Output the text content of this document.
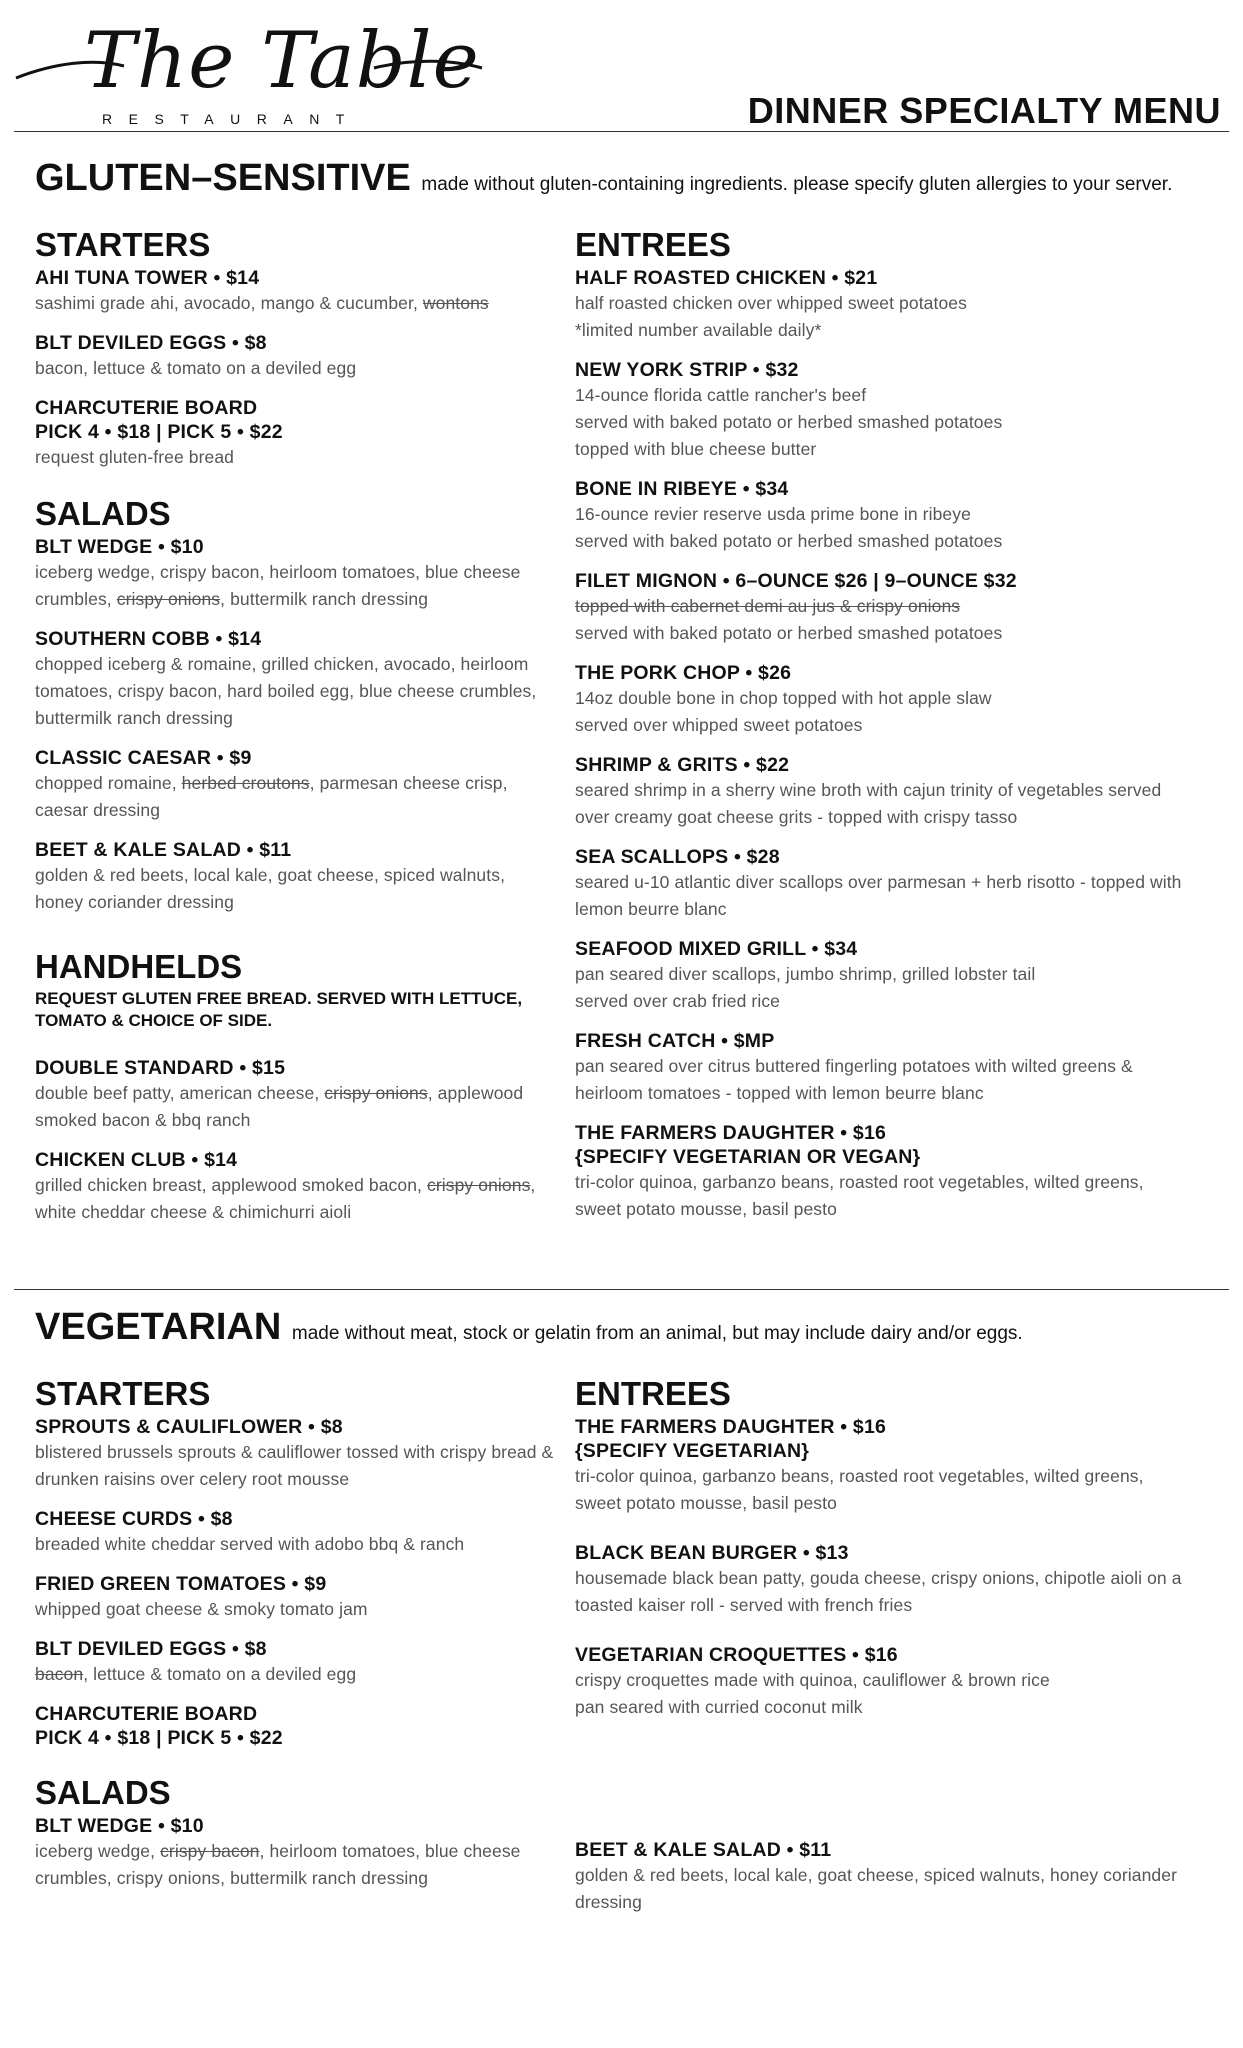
The Table
RESTAURANT	DINNER SPECIALTY MENU
GLUTEN–SENSITIVE made without gluten-containing ingredients. please specify gluten allergies to your server.
STARTERS
AHI TUNA TOWER • $14
sashimi grade ahi, avocado, mango & cucumber, wontons
BLT DEVILED EGGS • $8
bacon, lettuce & tomato on a deviled egg
CHARCUTERIE BOARD
PICK 4 • $18 | PICK 5 • $22
request gluten-free bread
SALADS
BLT WEDGE • $10
iceberg wedge, crispy bacon, heirloom tomatoes, blue cheese crumbles, crispy onions, buttermilk ranch dressing
SOUTHERN COBB • $14
chopped iceberg & romaine, grilled chicken, avocado, heirloom tomatoes, crispy bacon, hard boiled egg, blue cheese crumbles, buttermilk ranch dressing
CLASSIC CAESAR • $9
chopped romaine, herbed croutons, parmesan cheese crisp, caesar dressing
BEET & KALE SALAD • $11
golden & red beets, local kale, goat cheese, spiced walnuts, honey coriander dressing
HANDHELDS
REQUEST GLUTEN FREE BREAD. SERVED WITH LETTUCE, TOMATO & CHOICE OF SIDE.
DOUBLE STANDARD • $15
double beef patty, american cheese, crispy onions, applewood smoked bacon & bbq ranch
CHICKEN CLUB • $14
grilled chicken breast, applewood smoked bacon, crispy onions, white cheddar cheese & chimichurri aioli
ENTREES
HALF ROASTED CHICKEN • $21
half roasted chicken over whipped sweet potatoes
*limited number available daily*
NEW YORK STRIP • $32
14-ounce florida cattle rancher's beef
served with baked potato or herbed smashed potatoes
topped with blue cheese butter
BONE IN RIBEYE • $34
16-ounce revier reserve usda prime bone in ribeye
served with baked potato or herbed smashed potatoes
FILET MIGNON • 6–OUNCE $26 | 9–OUNCE $32
topped with cabernet demi au jus & crispy onions
served with baked potato or herbed smashed potatoes
THE PORK CHOP • $26
14oz double bone in chop topped with hot apple slaw
served over whipped sweet potatoes
SHRIMP & GRITS • $22
seared shrimp in a sherry wine broth with cajun trinity of vegetables served over creamy goat cheese grits - topped with crispy tasso
SEA SCALLOPS • $28
seared u-10 atlantic diver scallops over parmesan + herb risotto - topped with lemon beurre blanc
SEAFOOD MIXED GRILL • $34
pan seared diver scallops, jumbo shrimp, grilled lobster tail
served over crab fried rice
FRESH CATCH • $MP
pan seared over citrus buttered fingerling potatoes with wilted greens & heirloom tomatoes - topped with lemon beurre blanc
THE FARMERS DAUGHTER • $16
{SPECIFY VEGETARIAN OR VEGAN}
tri-color quinoa, garbanzo beans, roasted root vegetables, wilted greens, sweet potato mousse, basil pesto
VEGETARIAN made without meat, stock or gelatin from an animal, but may include dairy and/or eggs.
STARTERS
SPROUTS & CAULIFLOWER • $8
blistered brussels sprouts & cauliflower tossed with crispy bread & drunken raisins over celery root mousse
CHEESE CURDS • $8
breaded white cheddar served with adobo bbq & ranch
FRIED GREEN TOMATOES • $9
whipped goat cheese & smoky tomato jam
BLT DEVILED EGGS • $8
bacon, lettuce & tomato on a deviled egg
CHARCUTERIE BOARD
PICK 4 • $18 | PICK 5 • $22
SALADS
BLT WEDGE • $10
iceberg wedge, crispy bacon, heirloom tomatoes, blue cheese crumbles, crispy onions, buttermilk ranch dressing
ENTREES
THE FARMERS DAUGHTER • $16
{SPECIFY VEGETARIAN}
tri-color quinoa, garbanzo beans, roasted root vegetables, wilted greens, sweet potato mousse, basil pesto
BLACK BEAN BURGER • $13
housemade black bean patty, gouda cheese, crispy onions, chipotle aioli on a toasted kaiser roll - served with french fries
VEGETARIAN CROQUETTES • $16
crispy croquettes made with quinoa, cauliflower & brown rice
pan seared with curried coconut milk
BEET & KALE SALAD • $11
golden & red beets, local kale, goat cheese, spiced walnuts, honey coriander dressing
